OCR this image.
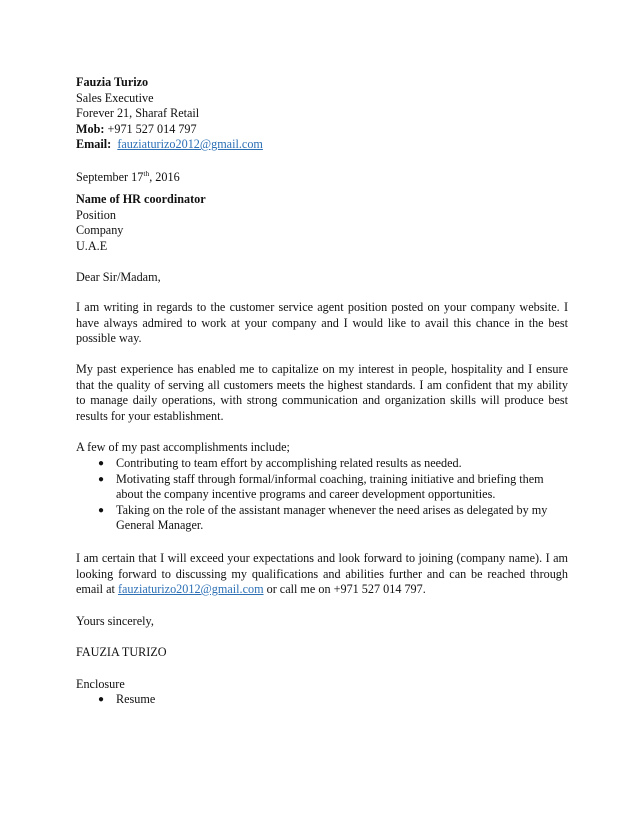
Fauzia Turizo
Sales Executive
Forever 21, Sharaf Retail
Mob: +971 527 014 797
Email: fauziaturizo2012@gmail.com
September 17th, 2016
Name of HR coordinator
Position
Company
U.A.E
Dear Sir/Madam,
I am writing in regards to the customer service agent position posted on your company website. I have always admired to work at your company and I would like to avail this chance in the best possible way.
My past experience has enabled me to capitalize on my interest in people, hospitality and I ensure that the quality of serving all customers meets the highest standards. I am confident that my ability to manage daily operations, with strong communication and organization skills will produce best results for your establishment.
A few of my past accomplishments include;
● Contributing to team effort by accomplishing related results as needed.
● Motivating staff through formal/informal coaching, training initiative and briefing them about the company incentive programs and career development opportunities.
● Taking on the role of the assistant manager whenever the need arises as delegated by my General Manager.
I am certain that I will exceed your expectations and look forward to joining (company name). I am looking forward to discussing my qualifications and abilities further and can be reached through email at fauziaturizo2012@gmail.com or call me on +971 527 014 797.
Yours sincerely,
FAUZIA TURIZO
Enclosure
● Resume
